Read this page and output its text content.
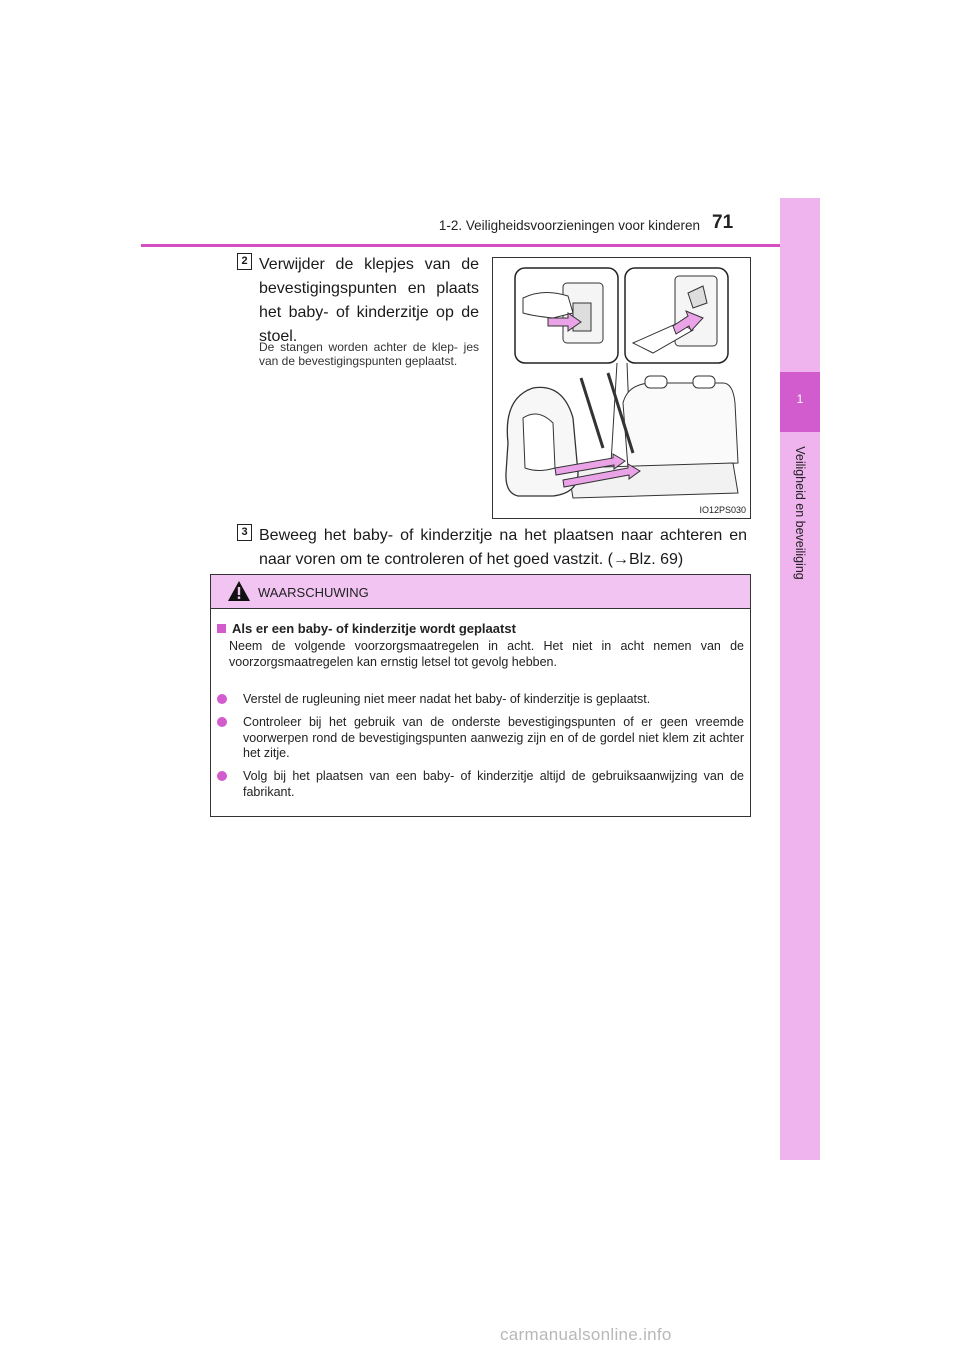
1-2. Veiligheidsvoorzieningen voor kinderen 71
1
Veiligheid en beveiliging
2 Verwijder de klepjes van de bevestigingspunten en plaats het baby- of kinderzitje op de stoel.
De stangen worden achter de klep- jes van de bevestigingspunten geplaatst.
IO12PS030
3 Beweeg het baby- of kinderzitje na het plaatsen naar achteren en naar voren om te controleren of het goed vastzit. (→Blz. 69)
WAARSCHUWING
Als er een baby- of kinderzitje wordt geplaatst
Neem de volgende voorzorgsmaatregelen in acht. Het niet in acht nemen van de voorzorgsmaatregelen kan ernstig letsel tot gevolg hebben.
Verstel de rugleuning niet meer nadat het baby- of kinderzitje is geplaatst.
Controleer bij het gebruik van de onderste bevestigingspunten of er geen vreemde voorwerpen rond de bevestigingspunten aanwezig zijn en of de gordel niet klem zit achter het zitje.
Volg bij het plaatsen van een baby- of kinderzitje altijd de gebruiksaanwijzing van de fabrikant.
carmanualsonline.info
